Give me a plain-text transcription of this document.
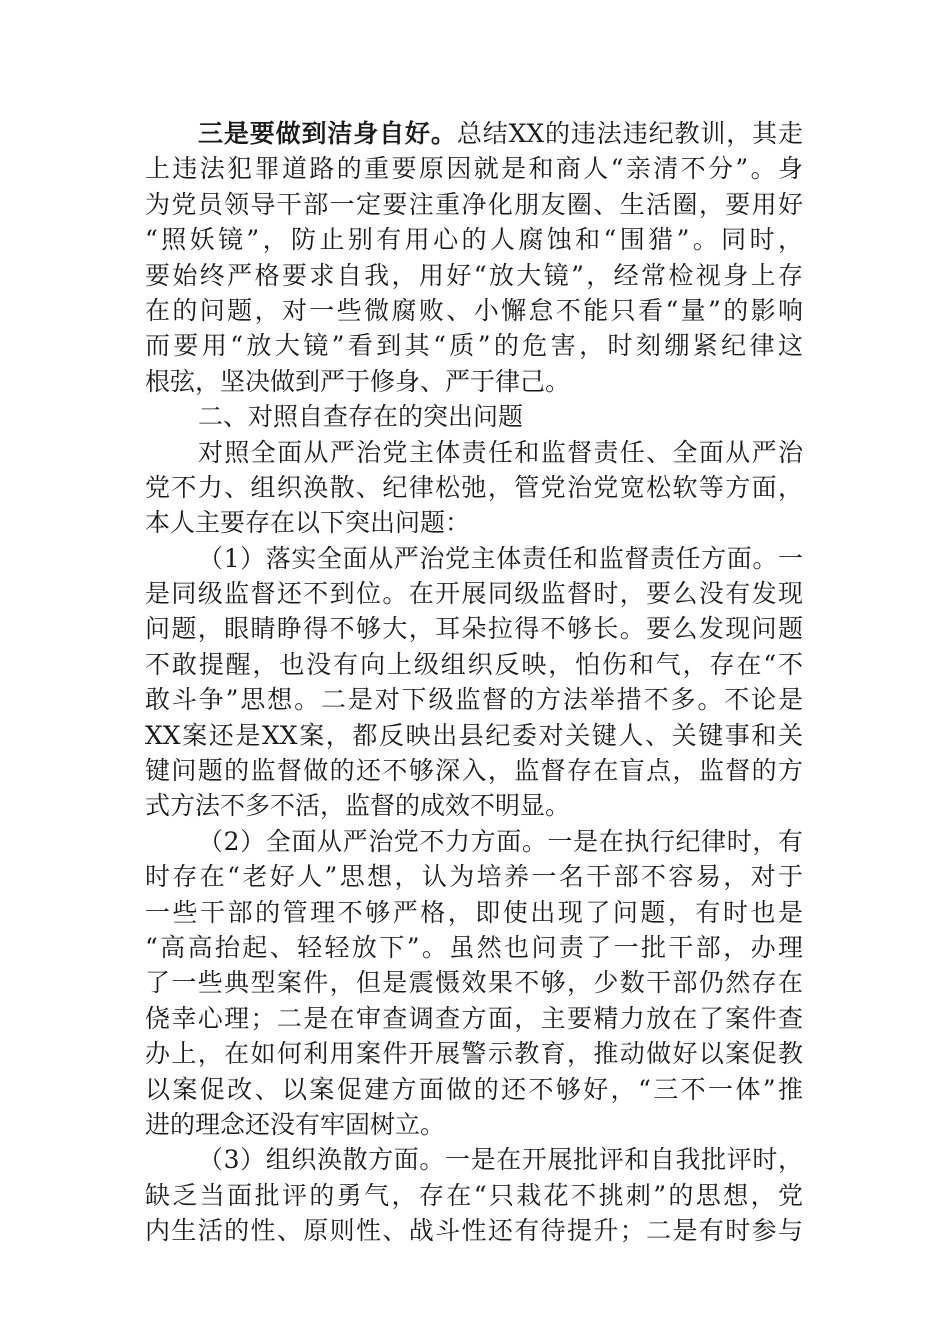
三是要做到洁身自好。总结XX的违法违纪教训，其走
上违法犯罪道路的重要原因就是和商人“亲清不分”。身
为党员领导干部一定要注重净化朋友圈、生活圈，要用好
“照妖镜”，防止别有用心的人腐蚀和“围猎”。同时，
要始终严格要求自我，用好“放大镜”，经常检视身上存
在的问题，对一些微腐败、小懈怠不能只看“量”的影响
而要用“放大镜”看到其“质”的危害，时刻绷紧纪律这
根弦，坚决做到严于修身、严于律己。
二、对照自查存在的突出问题
对照全面从严治党主体责任和监督责任、全面从严治
党不力、组织涣散、纪律松弛，管党治党宽松软等方面，
本人主要存在以下突出问题：
（1）落实全面从严治党主体责任和监督责任方面。一
是同级监督还不到位。在开展同级监督时，要么没有发现
问题，眼睛睁得不够大，耳朵拉得不够长。要么发现问题
不敢提醒，也没有向上级组织反映，怕伤和气，存在“不
敢斗争”思想。二是对下级监督的方法举措不多。不论是
XX案还是XX案，都反映出县纪委对关键人、关键事和关
键问题的监督做的还不够深入，监督存在盲点，监督的方
式方法不多不活，监督的成效不明显。
（2）全面从严治党不力方面。一是在执行纪律时，有
时存在“老好人”思想，认为培养一名干部不容易，对于
一些干部的管理不够严格，即使出现了问题，有时也是
“高高抬起、轻轻放下”。虽然也问责了一批干部，办理
了一些典型案件，但是震慑效果不够，少数干部仍然存在
侥幸心理；二是在审查调查方面，主要精力放在了案件查
办上，在如何利用案件开展警示教育，推动做好以案促教
以案促改、以案促建方面做的还不够好，“三不一体”推
进的理念还没有牢固树立。
（3）组织涣散方面。一是在开展批评和自我批评时，
缺乏当面批评的勇气，存在“只栽花不挑刺”的思想，党
内生活的性、原则性、战斗性还有待提升；二是有时参与
